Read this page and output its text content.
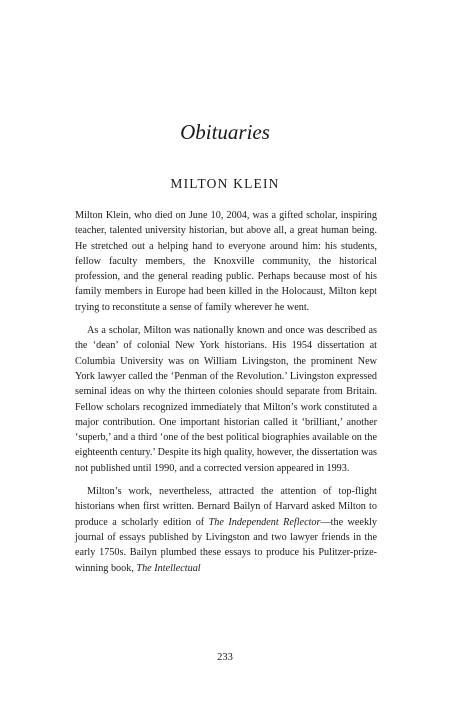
Obituaries
MILTON KLEIN

Milton Klein, who died on June 10, 2004, was a gifted scholar, inspiring teacher, talented university historian, but above all, a great human being. He stretched out a helping hand to everyone around him: his students, fellow faculty members, the Knoxville community, the historical profession, and the general reading public. Perhaps because most of his family members in Europe had been killed in the Holocaust, Milton kept trying to reconstitute a sense of family wherever he went.

As a scholar, Milton was nationally known and once was described as the ‘dean’ of colonial New York historians. His 1954 dissertation at Columbia University was on William Livingston, the prominent New York lawyer called the ‘Penman of the Revolution.’ Livingston expressed seminal ideas on why the thirteen colonies should separate from Britain. Fellow scholars recognized immediately that Milton’s work constituted a major contribution. One important historian called it ‘brilliant,’ another ‘superb,’ and a third ‘one of the best political biographies available on the eighteenth century.’ Despite its high quality, however, the dissertation was not published until 1990, and a corrected version appeared in 1993.

Milton’s work, nevertheless, attracted the attention of top-flight historians when first written. Bernard Bailyn of Harvard asked Milton to produce a scholarly edition of The Independent Reflector—the weekly journal of essays published by Livingston and two lawyer friends in the early 1750s. Bailyn plumbed these essays to produce his Pulitzer-prize-winning book, The Intellectual

233
